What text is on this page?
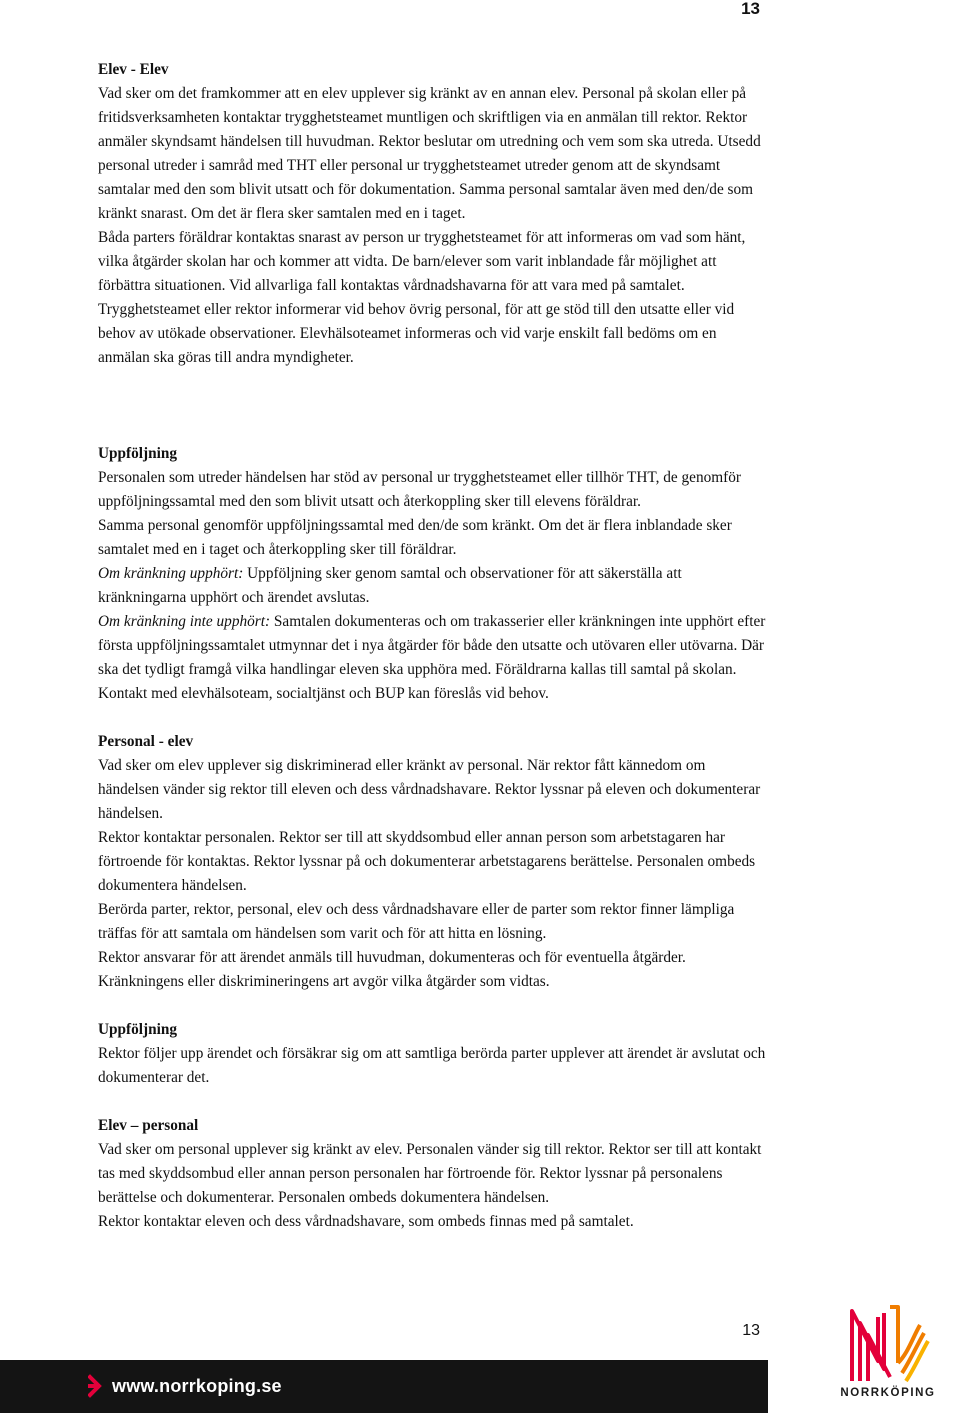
13

Elev - Elev

Vad sker om det framkommer att en elev upplever sig kränkt av en annan elev. Personal på skolan eller på fritidsverksamheten kontaktar trygghetsteamet muntligen och skriftligen via en anmälan till rektor. Rektor anmäler skyndsamt händelsen till huvudman. Rektor beslutar om utredning och vem som ska utreda. Utsedd personal utreder i samråd med THT eller personal ur trygghetsteamet utreder genom att de skyndsamt samtalar med den som blivit utsatt och för dokumentation. Samma personal samtalar även med den/de som kränkt snarast. Om det är flera sker samtalen med en i taget.

Båda parters föräldrar kontaktas snarast av person ur trygghetsteamet för att informeras om vad som hänt, vilka åtgärder skolan har och kommer att vidta. De barn/elever som varit inblandade får möjlighet att förbättra situationen. Vid allvarliga fall kontaktas vårdnadshavarna för att vara med på samtalet. Trygghetsteamet eller rektor informerar vid behov övrig personal, för att ge stöd till den utsatte eller vid behov av utökade observationer. Elevhälsoteamet informeras och vid varje enskilt fall bedöms om en anmälan ska göras till andra myndigheter.

Uppföljning

Personalen som utreder händelsen har stöd av personal ur trygghetsteamet eller tillhör THT, de genomför uppföljningssamtal med den som blivit utsatt och återkoppling sker till elevens föräldrar.

Samma personal genomför uppföljningssamtal med den/de som kränkt. Om det är flera inblandade sker samtalet med en i taget och återkoppling sker till föräldrar.

Om kränkning upphört: Uppföljning sker genom samtal och observationer för att säkerställa att kränkningarna upphört och ärendet avslutas.

Om kränkning inte upphört: Samtalen dokumenteras och om trakasserier eller kränkningen inte upphört efter första uppföljningssamtalet utmynnar det i nya åtgärder för både den utsatte och utövaren eller utövarna. Där ska det tydligt framgå vilka handlingar eleven ska upphöra med. Föräldrarna kallas till samtal på skolan. Kontakt med elevhälsoteam, socialtjänst och BUP kan föreslås vid behov.

Personal - elev

Vad sker om elev upplever sig diskriminerad eller kränkt av personal. När rektor fått kännedom om händelsen vänder sig rektor till eleven och dess vårdnadshavare. Rektor lyssnar på eleven och dokumenterar händelsen.

Rektor kontaktar personalen. Rektor ser till att skyddsombud eller annan person som arbetstagaren har förtroende för kontaktas. Rektor lyssnar på och dokumenterar arbetstagarens berättelse. Personalen ombeds dokumentera händelsen.

Berörda parter, rektor, personal, elev och dess vårdnadshavare eller de parter som rektor finner lämpliga träffas för att samtala om händelsen som varit och för att hitta en lösning.

Rektor ansvarar för att ärendet anmäls till huvudman, dokumenteras och för eventuella åtgärder. Kränkningens eller diskrimineringens art avgör vilka åtgärder som vidtas.

Uppföljning

Rektor följer upp ärendet och försäkrar sig om att samtliga berörda parter upplever att ärendet är avslutat och dokumenterar det.

Elev – personal

Vad sker om personal upplever sig kränkt av elev. Personalen vänder sig till rektor. Rektor ser till att kontakt tas med skyddsombud eller annan person personalen har förtroende för. Rektor lyssnar på personalens berättelse och dokumenterar. Personalen ombeds dokumentera händelsen.

Rektor kontaktar eleven och dess vårdnadshavare, som ombeds finnas med på samtalet.

13
www.norrkoping.se	NORRKÖPING
